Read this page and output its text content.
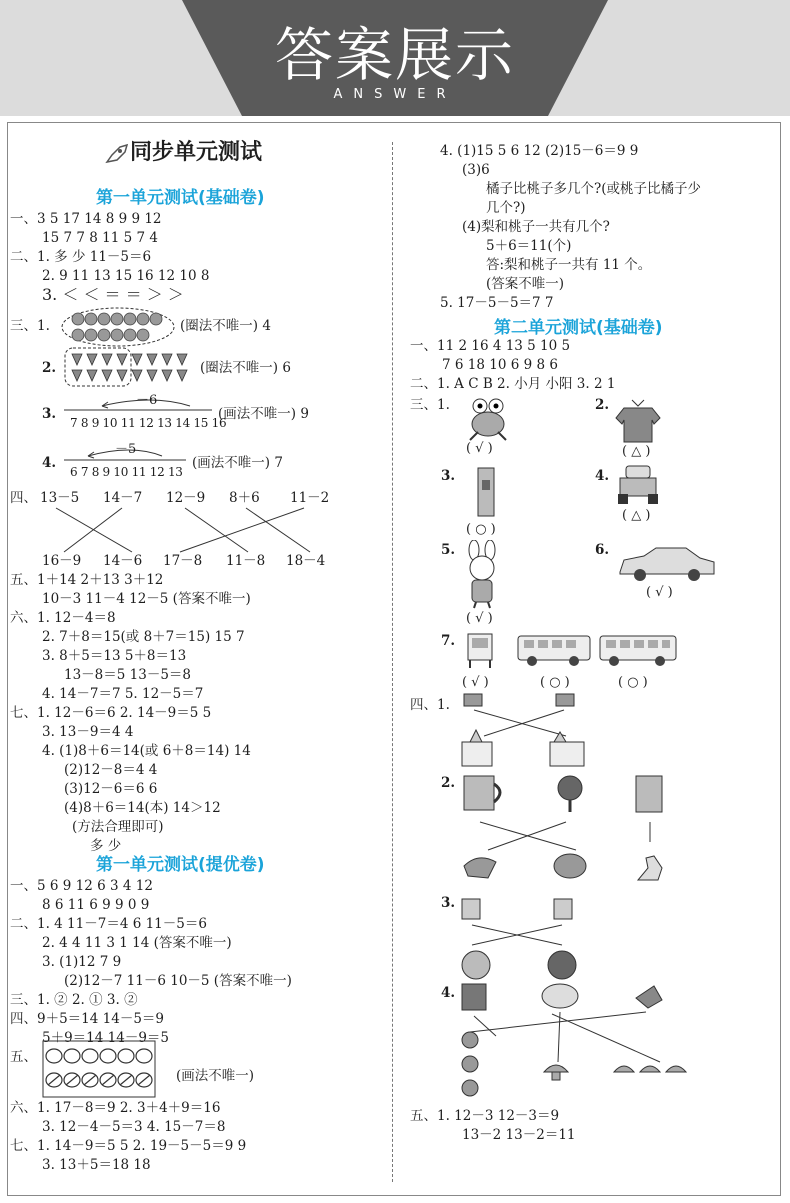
答案展示
ANSWER
同步单元测试
第一单元测试(基础卷)
一、3 5 17 14 8 9 9 12
15 7 7 8 11 5 7 4
二、1. 多 少 11－5＝6
2. 9 11 13 15 16 12 10 8
3. ＜ ＜ ＝ ＝ ＞ ＞
三、1.	(圈法不唯一) 4
2.	(圈法不唯一) 6
3.
－6
7 8 9 10 11 12 13 14 15 16
(画法不唯一) 9
4.
－5
6 7 8 9 10 11 12 13
(画法不唯一) 7
四、 13－5 14－7 12－9 8＋6 11－2
16－9 14－6 17－8 11－8 18－4
五、1＋14 2＋13 3＋12
10－3 11－4 12－5 (答案不唯一)
六、1. 12－4＝8
2. 7＋8＝15(或 8＋7＝15) 15 7
3. 8＋5＝13 5＋8＝13
13－8＝5 13－5＝8
4. 14－7＝7 5. 12－5＝7
七、1. 12－6＝6 2. 14－9＝5 5
3. 13－9＝4 4
4. (1)8＋6＝14(或 6＋8＝14) 14
(2)12－8＝4 4
(3)12－6＝6 6
(4)8＋6＝14(本) 14＞12
(方法合理即可)
多 少
第一单元测试(提优卷)
一、5 6 9 12 6 3 4 12
8 6 11 6 9 9 0 9
二、1. 4 11－7＝4 6 11－5＝6
2. 4 4 11 3 1 14 (答案不唯一)
3. (1)12 7 9
(2)12－7 11－6 10－5 (答案不唯一)
三、1. ② 2. ① 3. ②
四、9＋5＝14 14－5＝9
5＋9＝14 14－9＝5
五、
(画法不唯一)
六、1. 17－8＝9 2. 3＋4＋9＝16
3. 12－4－5＝3 4. 15－7＝8
七、1. 14－9＝5 5 2. 19－5－5＝9 9
3. 13＋5＝18 18
4. (1)15 5 6 12 (2)15－6＝9 9
(3)6
橘子比桃子多几个?(或桃子比橘子少
几个?)
(4)梨和桃子一共有几个?
5＋6＝11(个)
答:梨和桃子一共有 11 个。
(答案不唯一)
5. 17－5－5＝7 7
第二单元测试(基础卷)
一、11 2 16 4 13 5 10 5
7 6 18 10 6 9 8 6
二、1. A C B 2. 小月 小阳 3. 2 1
三、1.
( √ )
2.
( △ )
3.
( ○ )
4.
( △ )
5.
( √ )
6.
( √ )
7.
( √ )	( ○ )	( ○ )
四、1.
2.
3.
4.
五、1. 12－3 12－3＝9
13－2 13－2＝11
